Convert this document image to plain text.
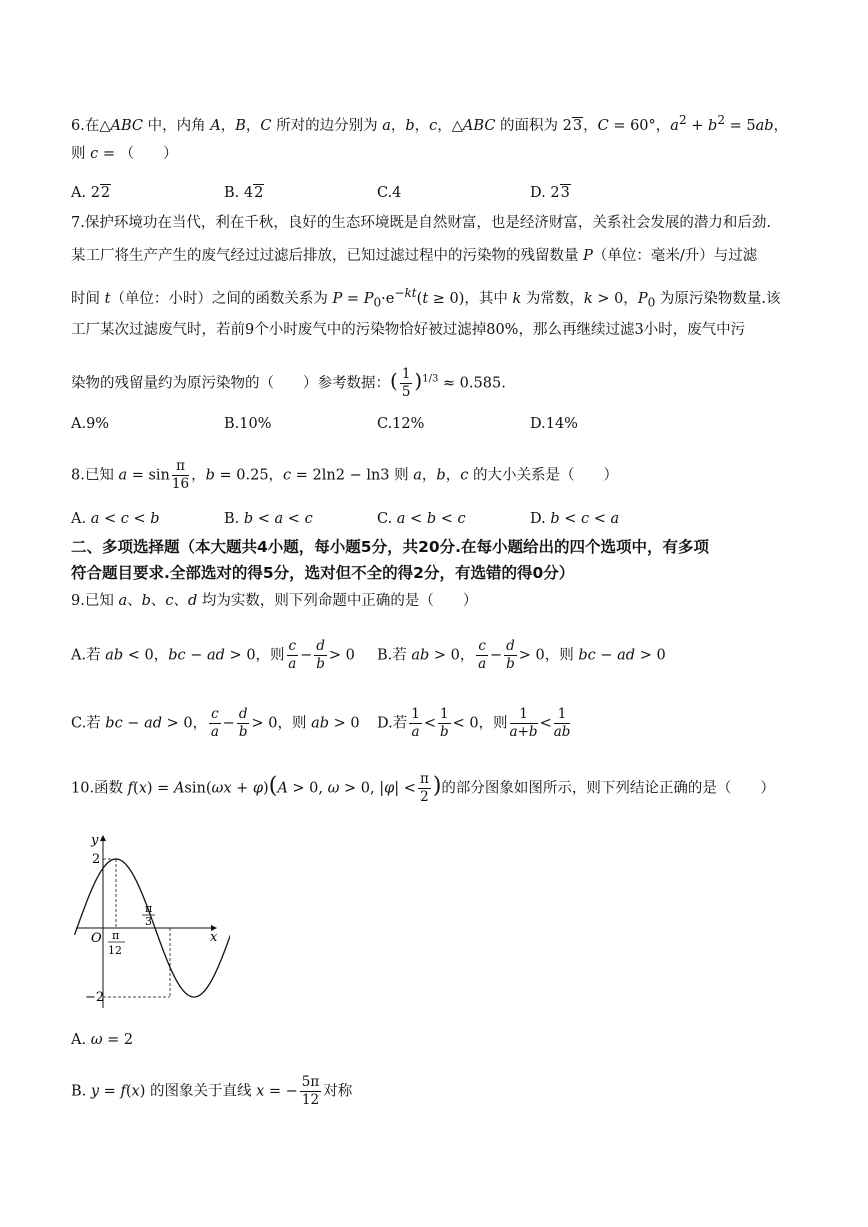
6.在△ABC 中，内角 A，B，C 所对的边分别为 a，b，c，△ABC 的面积为 23，C = 60°，$a^2 + b^2 = 5ab$，
则 c = （　　）
A. 22	B. 42	C.4	D. 23
7.保护环境功在当代，利在千秋，良好的生态环境既是自然财富，也是经济财富，关系社会发展的潜力和后劲.
某工厂将生产产生的废气经过过滤后排放，已知过滤过程中的污染物的残留数量 P（单位：毫米/升）与过滤
时间 t（单位：小时）之间的函数关系为 $P = P_0\cdot e^{-kt}(t \ge 0)$，其中 k 为常数，k > 0，$P_0$ 为原污染物数量.该
工厂某次过滤废气时，若前9个小时废气中的污染物恰好被过滤掉80%，那么再继续过滤3小时，废气中污
染物的残留量约为原污染物的（　　）参考数据：( $\frac{1}{5} )^{1/3} \approx 0.585$.
A.9%	B.10%	C.12%	D.14%
8.已知 $a = \sin \frac{\pi}{16}$ ，b = 0.25，c = 2ln2 − ln3 则 a，b，c 的大小关系是（　　）
A. a < c < b	B. b < a < c	C. a < b < c	D. b < c < a
二、多项选择题（本大题共4小题，每小题5分，共20分.在每小题给出的四个选项中，有多项
符合题目要求.全部选对的得5分，选对但不全的得2分，有选错的得0分）
9.已知 a、b、c、d 均为实数，则下列命题中正确的是（　　）
A.若 ab < 0，bc − ad > 0，则 $\frac{c}{a} - \frac{d}{b} > 0$ B.若 ab > 0， $\frac{c}{a} - \frac{d}{b} > 0$，则 bc − ad > 0
C.若 bc − ad > 0， $\frac{c}{a} - \frac{d}{b} > 0$，则 ab > 0 D.若 $\frac{1}{a} < \frac{1}{b} < 0$，则 $\frac{1}{a+b} < \frac{1}{ab}$
10.函数 f(x) = Asin(ωx + φ)(A > 0, ω > 0, $|\varphi| < \frac{\pi}{2}$ )的部分图象如图所示，则下列结论正确的是（　　）
y
x
O
2
−2
π
12
π
3
A. ω = 2
B. y = f(x) 的图象关于直线 x = − $\frac{5\pi}{12}$ 对称
